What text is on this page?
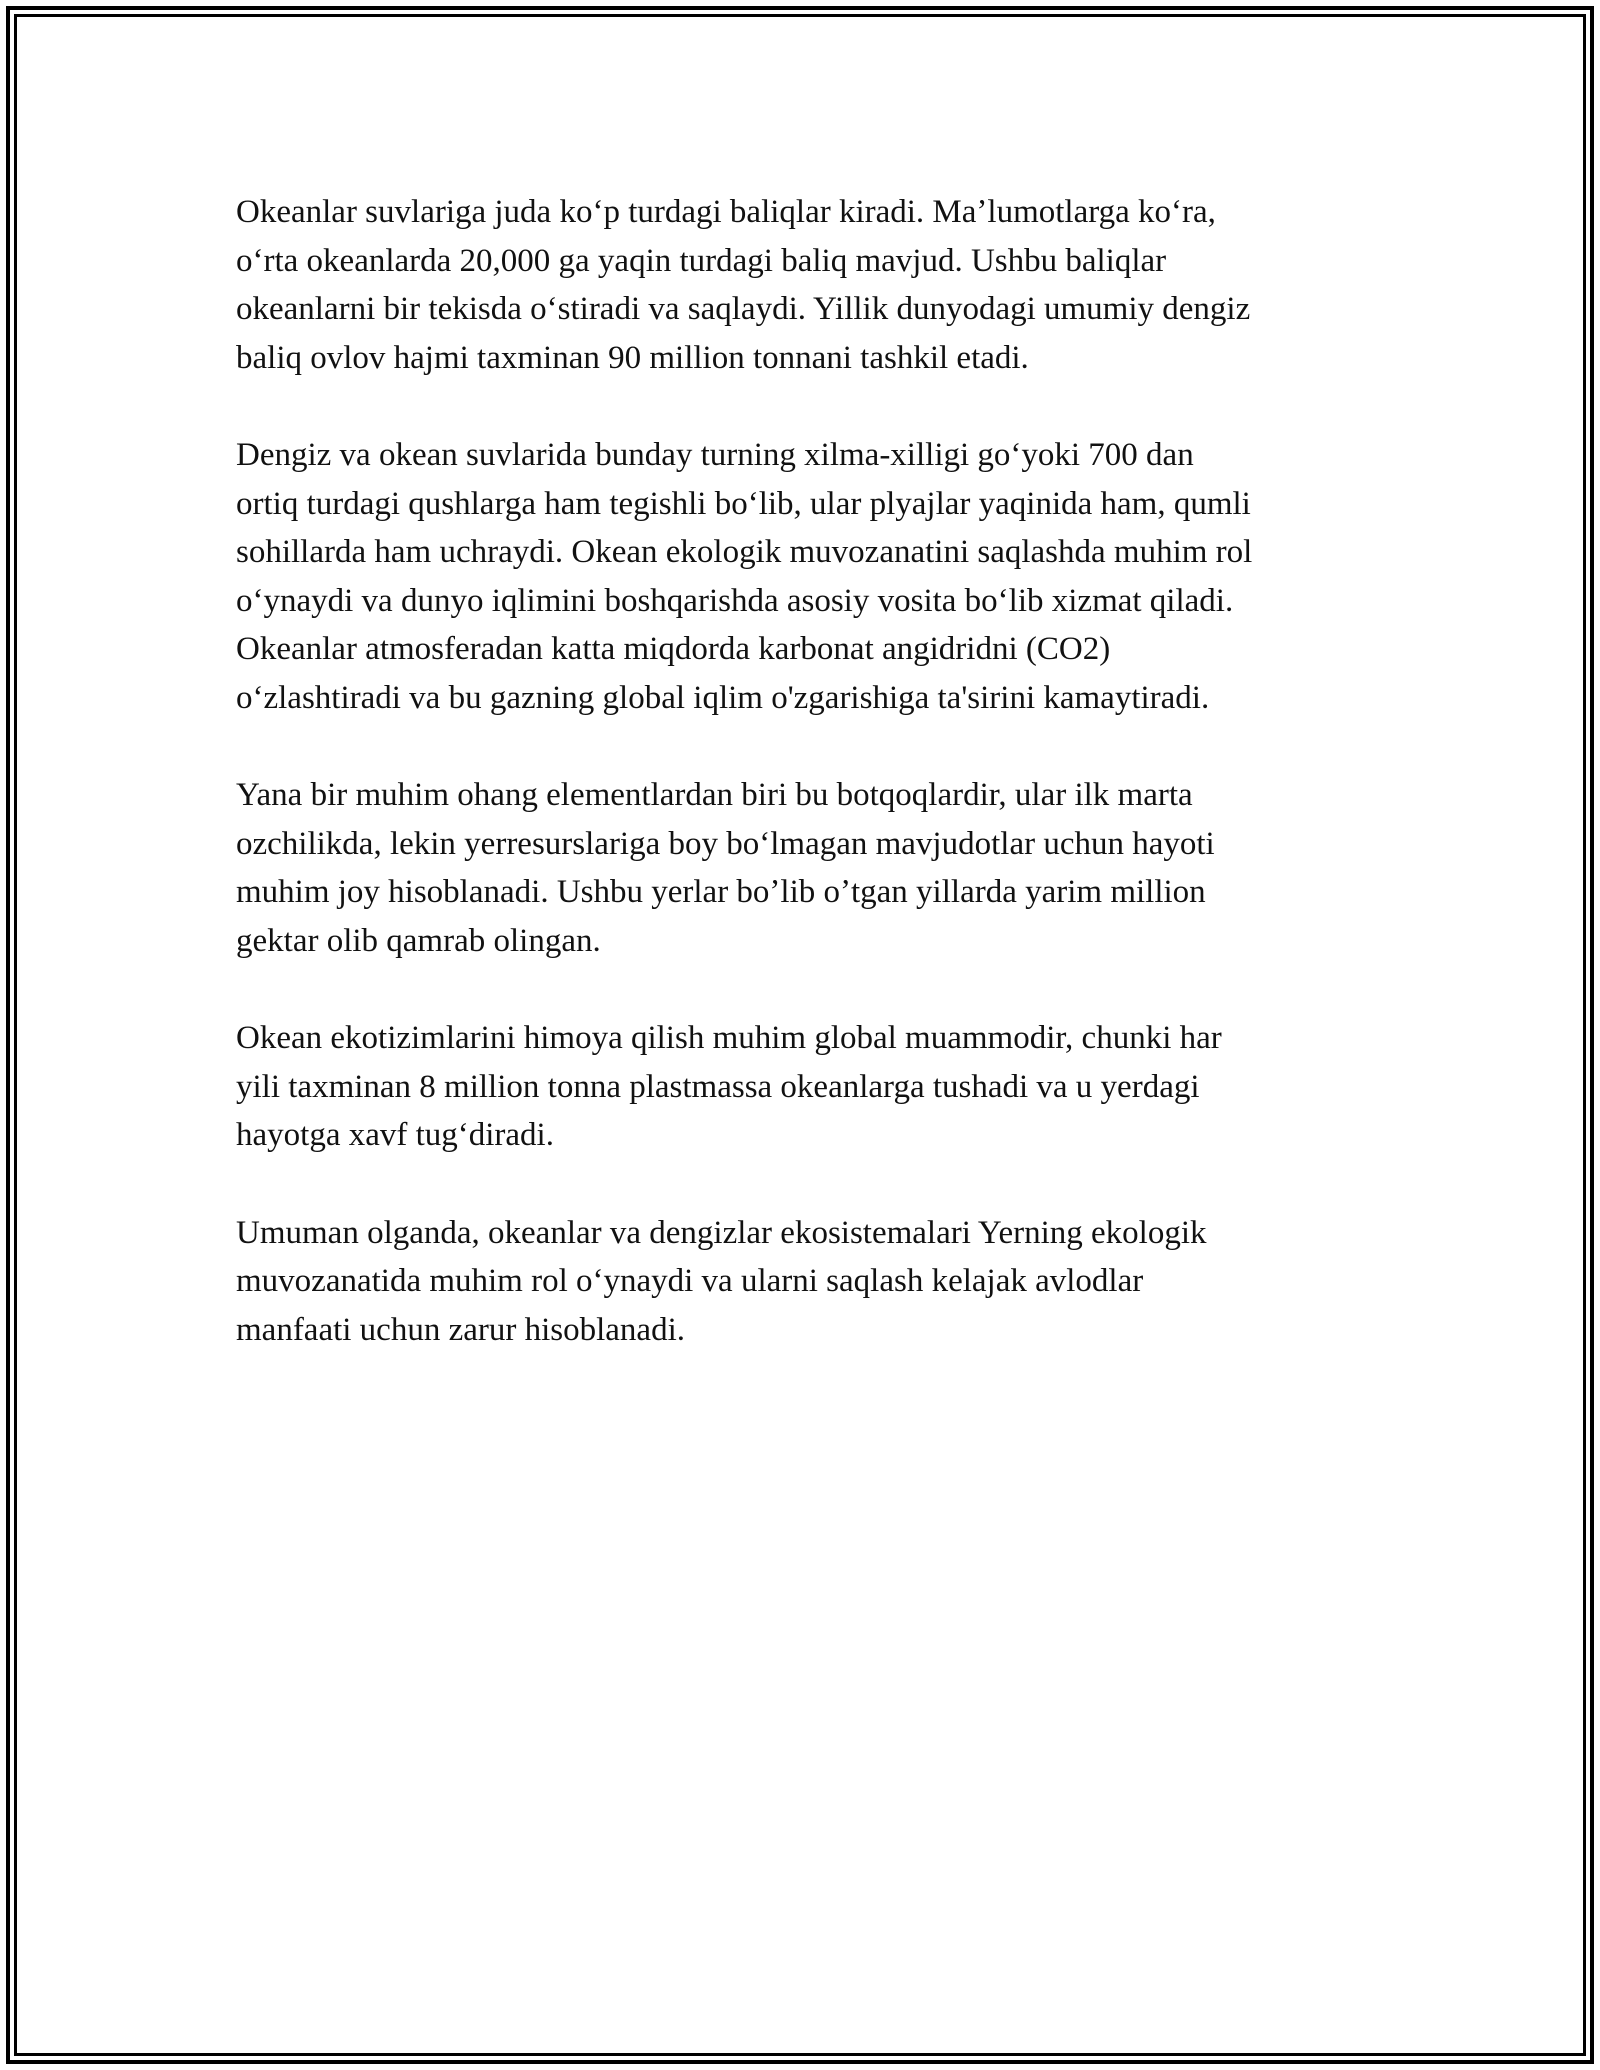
Okeanlar suvlariga juda koʻp turdagi baliqlar kiradi. Maʼlumotlarga koʻra,
oʻrta okeanlarda 20,000 ga yaqin turdagi baliq mavjud. Ushbu baliqlar
okeanlarni bir tekisda oʻstiradi va saqlaydi. Yillik dunyodagi umumiy dengiz
baliq ovlov hajmi taxminan 90 million tonnani tashkil etadi.

Dengiz va okean suvlarida bunday turning xilma-xilligi goʻyoki 700 dan
ortiq turdagi qushlarga ham tegishli boʻlib, ular plyajlar yaqinida ham, qumli
sohillarda ham uchraydi. Okean ekologik muvozanatini saqlashda muhim rol
oʻynaydi va dunyo iqlimini boshqarishda asosiy vosita boʻlib xizmat qiladi.
Okeanlar atmosferadan katta miqdorda karbonat angidridni (CO2)
oʻzlashtiradi va bu gazning global iqlim o'zgarishiga ta'sirini kamaytiradi.

Yana bir muhim ohang elementlardan biri bu botqoqlardir, ular ilk marta
ozchilikda, lekin yerresurslariga boy boʻlmagan mavjudotlar uchun hayoti
muhim joy hisoblanadi. Ushbu yerlar boʼlib oʼtgan yillarda yarim million
gektar olib qamrab olingan.

Okean ekotizimlarini himoya qilish muhim global muammodir, chunki har
yili taxminan 8 million tonna plastmassa okeanlarga tushadi va u yerdagi
hayotga xavf tugʻdiradi.

Umuman olganda, okeanlar va dengizlar ekosistemalari Yerning ekologik
muvozanatida muhim rol oʻynaydi va ularni saqlash kelajak avlodlar
manfaati uchun zarur hisoblanadi.
